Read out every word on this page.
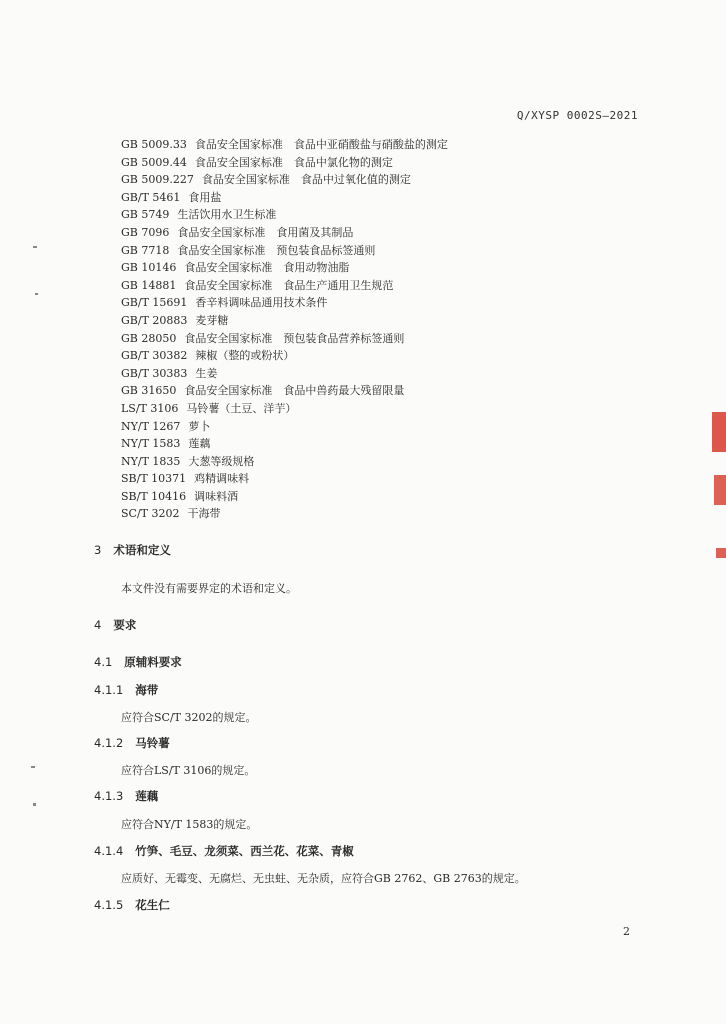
Q/XYSP 0002S—2021
GB 5009.33 食品安全国家标准　食品中亚硝酸盐与硝酸盐的测定
GB 5009.44 食品安全国家标准　食品中氯化物的测定
GB 5009.227 食品安全国家标准　食品中过氧化值的测定
GB/T 5461 食用盐
GB 5749 生活饮用水卫生标准
GB 7096 食品安全国家标准　食用菌及其制品
GB 7718 食品安全国家标准　预包装食品标签通则
GB 10146 食品安全国家标准　食用动物油脂
GB 14881 食品安全国家标准　食品生产通用卫生规范
GB/T 15691 香辛料调味品通用技术条件
GB/T 20883 麦芽糖
GB 28050 食品安全国家标准　预包装食品营养标签通则
GB/T 30382 辣椒（整的或粉状）
GB/T 30383 生姜
GB 31650 食品安全国家标准　食品中兽药最大残留限量
LS/T 3106 马铃薯（土豆、洋芋）
NY/T 1267 萝卜
NY/T 1583 莲藕
NY/T 1835 大葱等级规格
SB/T 10371 鸡精调味料
SB/T 10416 调味料酒
SC/T 3202 干海带
3 术语和定义
本文件没有需要界定的术语和定义。
4 要求
4.1 原辅料要求
4.1.1 海带
应符合SC/T 3202的规定。
4.1.2 马铃薯
应符合LS/T 3106的规定。
4.1.3 莲藕
应符合NY/T 1583的规定。
4.1.4 竹笋、毛豆、龙须菜、西兰花、花菜、青椒
应质好、无霉变、无腐烂、无虫蛀、无杂质，应符合GB 2762、GB 2763的规定。
4.1.5 花生仁
2
